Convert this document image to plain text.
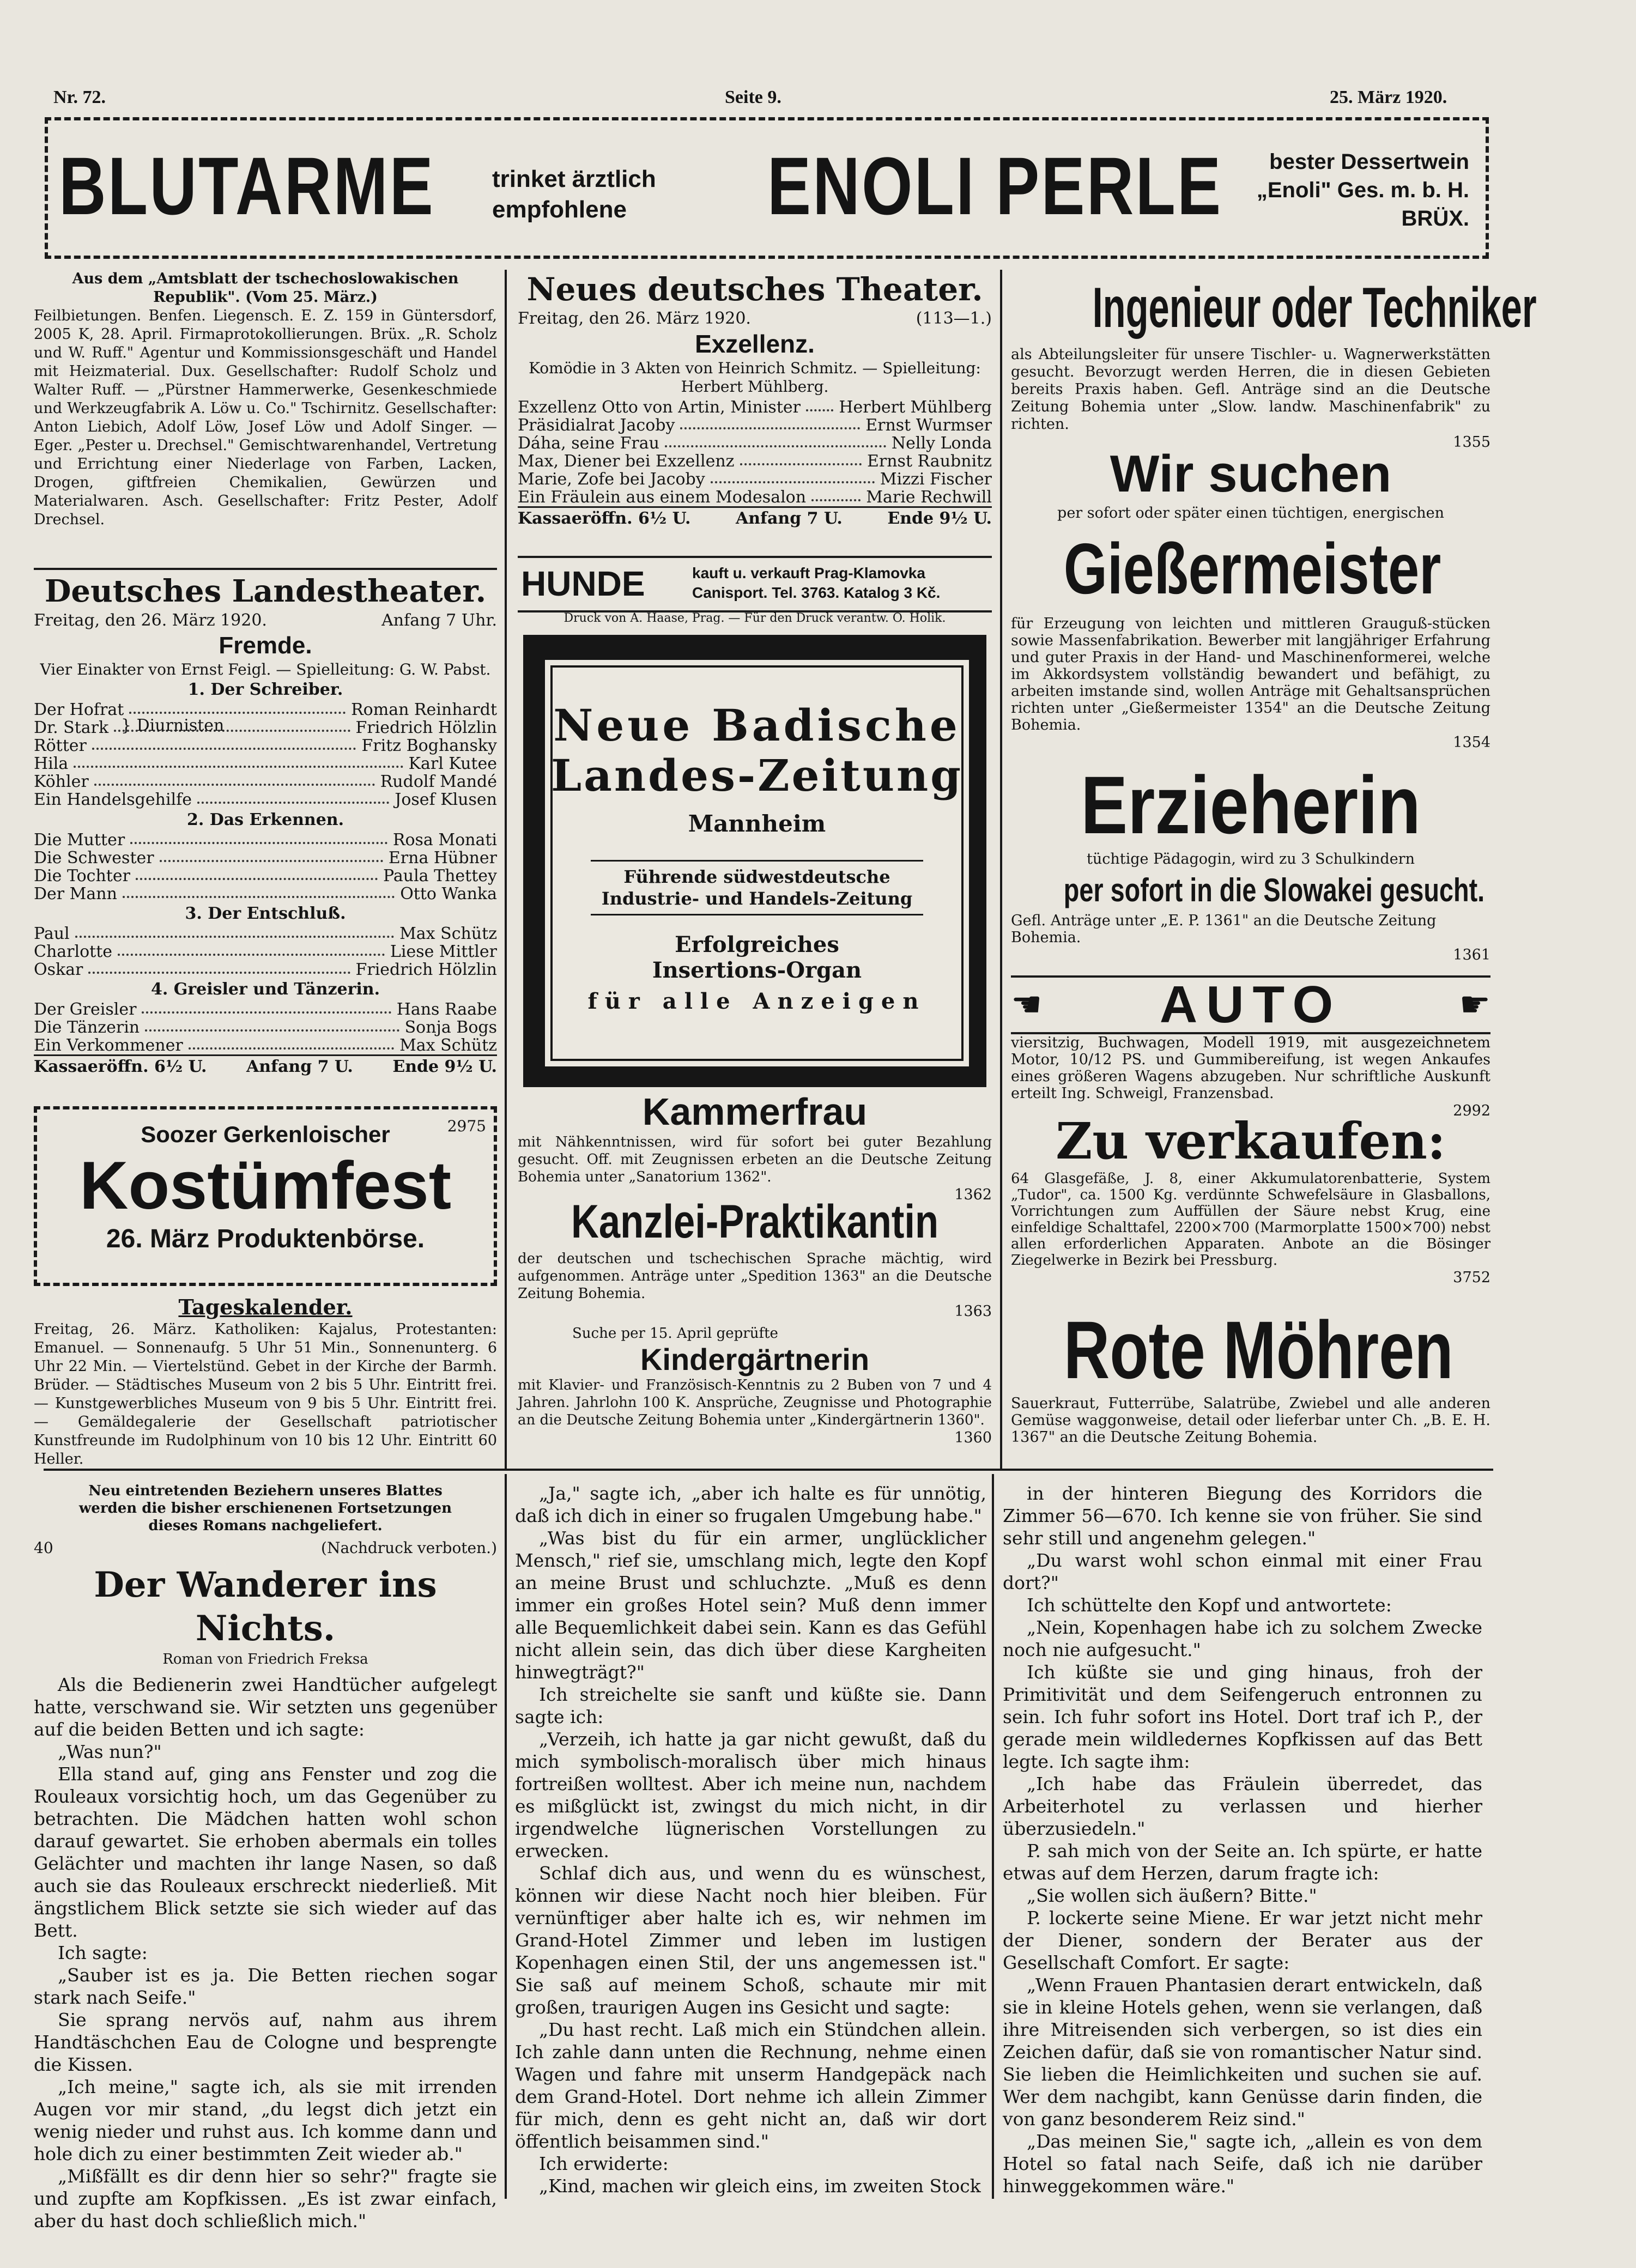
Nr. 72.	Seite 9.	25. März 1920.
BLUTARME trinket ärztlich
empfohlene	ENOLI PERLE	bester Dessertwein
„Enoli" Ges. m. b. H.
BRÜX.
Aus dem „Amtsblatt der tschechoslowakischen Republik". (Vom 25. März.)
Feilbietungen. Benfen. Liegensch. E. Z. 159 in Güntersdorf, 2005 K, 28. April. Firmaprotokollierungen. Brüx. „R. Scholz und W. Ruff." Agentur und Kommissionsgeschäft und Handel mit Heizmaterial. Dux. Gesellschafter: Rudolf Scholz und Walter Ruff. — „Pürstner Hammerwerke, Gesenkeschmiede und Werkzeugfabrik A. Löw u. Co." Tschirnitz. Gesellschafter: Anton Liebich, Adolf Löw, Josef Löw und Adolf Singer. — Eger. „Pester u. Drechsel." Gemischtwarenhandel, Vertretung und Errichtung einer Niederlage von Farben, Lacken, Drogen, giftfreien Chemikalien, Gewürzen und Materialwaren. Asch. Gesellschafter: Fritz Pester, Adolf Drechsel.
Deutsches Landestheater.
Freitag, den 26. März 1920.	Anfang 7 Uhr.
Fremde.
Vier Einakter von Ernst Feigl. — Spielleitung: G. W. Pabst.
1. Der Schreiber.
Der Hofrat	Roman Reinhardt
Dr. Stark	Friedrich Hölzlin
Rötter	Fritz Boghansky
Hila	Karl Kutee
Köhler	Rudolf Mandé
Ein Handelsgehilfe	Josef Klusen
} Diurnisten
2. Das Erkennen.
Die Mutter	Rosa Monati
Die Schwester	Erna Hübner
Die Tochter	Paula Thettey
Der Mann	Otto Wanka
3. Der Entschluß.
Paul	Max Schütz
Charlotte	Liese Mittler
Oskar	Friedrich Hölzlin
4. Greisler und Tänzerin.
Der Greisler	Hans Raabe
Die Tänzerin	Sonja Bogs
Ein Verkommener	Max Schütz
Kassaeröffn. 6½ U. Anfang 7 U. Ende 9½ U.
Soozer Gerkenloischer	2975
Kostümfest
26. März Produktenbörse.
Tageskalender.
Freitag, 26. März. Katholiken: Kajalus, Protestanten: Emanuel. — Sonnenaufg. 5 Uhr 51 Min., Sonnenunterg. 6 Uhr 22 Min. — Viertelstünd. Gebet in der Kirche der Barmh. Brüder. — Städtisches Museum von 2 bis 5 Uhr. Eintritt frei. — Kunstgewerbliches Museum von 9 bis 5 Uhr. Eintritt frei. — Gemäldegalerie der Gesellschaft patriotischer Kunstfreunde im Rudolphinum von 10 bis 12 Uhr. Eintritt 60 Heller.
Neues deutsches Theater.
Freitag, den 26. März 1920.	(113—1.)
Exzellenz.
Komödie in 3 Akten von Heinrich Schmitz. — Spielleitung: Herbert Mühlberg.
Exzellenz Otto von Artin, Minister Herbert Mühlberg
Präsidialrat Jacoby	Ernst Wurmser
Dáha, seine Frau	Nelly Londa
Max, Diener bei Exzellenz	Ernst Raubnitz
Marie, Zofe bei Jacoby	Mizzi Fischer
Ein Fräulein aus einem Modesalon	Marie Rechwill
Kassaeröffn. 6½ U.	Anfang 7 U.	Ende 9½ U.
HUNDE	kauft u. verkauft Prag-Klamovka
Canisport. Tel. 3763. Katalog 3 Kč.
Druck von A. Haase, Prag. — Für den Druck verantw. O. Holik.
Neue Badische
Landes-Zeitung
Mannheim
Führende südwestdeutsche Industrie- und Handels-Zeitung
Erfolgreiches
Insertions-Organ
für alle Anzeigen
Kammerfrau
mit Nähkenntnissen, wird für sofort bei guter Bezahlung gesucht. Off. mit Zeugnissen erbeten an die Deutsche Zeitung Bohemia unter „Sanatorium 1362".
1362
Kanzlei-Praktikantin
der deutschen und tschechischen Sprache mächtig, wird aufgenommen. Anträge unter „Spedition 1363" an die Deutsche Zeitung Bohemia.
1363
Suche per 15. April geprüfte
Kindergärtnerin
mit Klavier- und Französisch-Kenntnis zu 2 Buben von 7 und 4 Jahren. Jahrlohn 100 K. Ansprüche, Zeugnisse und Photographie an die Deutsche Zeitung Bohemia unter „Kindergärtnerin 1360".
1360
Ingenieur oder Techniker
als Abteilungsleiter für unsere Tischler- u. Wagnerwerkstätten gesucht. Bevorzugt werden Herren, die in diesen Gebieten bereits Praxis haben. Gefl. Anträge sind an die Deutsche Zeitung Bohemia unter „Slow. landw. Maschinenfabrik" zu richten.
1355
Wir suchen
per sofort oder später einen tüchtigen, energischen
Gießermeister
für Erzeugung von leichten und mittleren Grauguß-stücken sowie Massenfabrikation. Bewerber mit langjähriger Erfahrung und guter Praxis in der Hand- und Maschinenformerei, welche im Akkordsystem vollständig bewandert und befähigt, zu arbeiten imstande sind, wollen Anträge mit Gehaltsansprüchen richten unter „Gießermeister 1354" an die Deutsche Zeitung Bohemia.
1354
Erzieherin
tüchtige Pädagogin, wird zu 3 Schulkindern
per sofort in die Slowakei gesucht.
Gefl. Anträge unter „E. P. 1361" an die Deutsche Zeitung Bohemia.
1361
☚ AUTO	☛
viersitzig, Buchwagen, Modell 1919, mit ausgezeichnetem Motor, 10/12 PS. und Gummibereifung, ist wegen Ankaufes eines größeren Wagens abzugeben. Nur schriftliche Auskunft erteilt Ing. Schweigl, Franzensbad.
2992
Zu verkaufen:
64 Glasgefäße, J. 8, einer Akkumulatorenbatterie, System „Tudor", ca. 1500 Kg. verdünnte Schwefelsäure in Glasballons, Vorrichtungen zum Auffüllen der Säure nebst Krug, eine einfeldige Schalttafel, 2200×700 (Marmorplatte 1500×700) nebst allen erforderlichen Apparaten. Anbote an die Bösinger Ziegelwerke in Bezirk bei Pressburg.
3752
Rote Möhren
Sauerkraut, Futterrübe, Salatrübe, Zwiebel und alle anderen Gemüse waggonweise, detail oder lieferbar unter Ch. „B. E. H. 1367" an die Deutsche Zeitung Bohemia.
Neu eintretenden Beziehern unseres Blattes werden die bisher erschienenen Fortsetzungen dieses Romans nachgeliefert.
40	(Nachdruck verboten.)
Der Wanderer ins Nichts.
Roman von Friedrich Freksa

Als die Bedienerin zwei Handtücher aufgelegt hatte, verschwand sie. Wir setzten uns gegenüber auf die beiden Betten und ich sagte:

„Was nun?"

Ella stand auf, ging ans Fenster und zog die Rouleaux vorsichtig hoch, um das Gegenüber zu betrachten. Die Mädchen hatten wohl schon darauf gewartet. Sie erhoben abermals ein tolles Gelächter und machten ihr lange Nasen, so daß auch sie das Rouleaux erschreckt niederließ. Mit ängstlichem Blick setzte sie sich wieder auf das Bett.

Ich sagte:

„Sauber ist es ja. Die Betten riechen sogar stark nach Seife."

Sie sprang nervös auf, nahm aus ihrem Handtäschchen Eau de Cologne und besprengte die Kissen.

„Ich meine," sagte ich, als sie mit irrenden Augen vor mir stand, „du legst dich jetzt ein wenig nieder und ruhst aus. Ich komme dann und hole dich zu einer bestimmten Zeit wieder ab."

„Mißfällt es dir denn hier so sehr?" fragte sie und zupfte am Kopfkissen. „Es ist zwar einfach, aber du hast doch schließlich mich."

„Ja," sagte ich, „aber ich halte es für unnötig, daß ich dich in einer so frugalen Umgebung habe."

„Was bist du für ein armer, unglücklicher Mensch," rief sie, umschlang mich, legte den Kopf an meine Brust und schluchzte. „Muß es denn immer ein großes Hotel sein? Muß denn immer alle Bequemlichkeit dabei sein. Kann es das Gefühl nicht allein sein, das dich über diese Kargheiten hinwegträgt?"

Ich streichelte sie sanft und küßte sie. Dann sagte ich:

„Verzeih, ich hatte ja gar nicht gewußt, daß du mich symbolisch-moralisch über mich hinaus fortreißen wolltest. Aber ich meine nun, nachdem es mißglückt ist, zwingst du mich nicht, in dir irgendwelche lügnerischen Vorstellungen zu erwecken.

Schlaf dich aus, und wenn du es wünschest, können wir diese Nacht noch hier bleiben. Für vernünftiger aber halte ich es, wir nehmen im Grand-Hotel Zimmer und leben im lustigen Kopenhagen einen Stil, der uns angemessen ist." Sie saß auf meinem Schoß, schaute mir mit großen, traurigen Augen ins Gesicht und sagte:

„Du hast recht. Laß mich ein Stündchen allein. Ich zahle dann unten die Rechnung, nehme einen Wagen und fahre mit unserm Handgepäck nach dem Grand-Hotel. Dort nehme ich allein Zimmer für mich, denn es geht nicht an, daß wir dort öffentlich beisammen sind."

Ich erwiderte:

„Kind, machen wir gleich eins, im zweiten Stock

in der hinteren Biegung des Korridors die Zimmer 56—670. Ich kenne sie von früher. Sie sind sehr still und angenehm gelegen."

„Du warst wohl schon einmal mit einer Frau dort?"

Ich schüttelte den Kopf und antwortete:

„Nein, Kopenhagen habe ich zu solchem Zwecke noch nie aufgesucht."

Ich küßte sie und ging hinaus, froh der Primitivität und dem Seifengeruch entronnen zu sein. Ich fuhr sofort ins Hotel. Dort traf ich P., der gerade mein wildledernes Kopfkissen auf das Bett legte. Ich sagte ihm:

„Ich habe das Fräulein überredet, das Arbeiterhotel zu verlassen und hierher überzusiedeln."

P. sah mich von der Seite an. Ich spürte, er hatte etwas auf dem Herzen, darum fragte ich:

„Sie wollen sich äußern? Bitte."

P. lockerte seine Miene. Er war jetzt nicht mehr der Diener, sondern der Berater aus der Gesellschaft Comfort. Er sagte:

„Wenn Frauen Phantasien derart entwickeln, daß sie in kleine Hotels gehen, wenn sie verlangen, daß ihre Mitreisenden sich verbergen, so ist dies ein Zeichen dafür, daß sie von romantischer Natur sind. Sie lieben die Heimlichkeiten und suchen sie auf. Wer dem nachgibt, kann Genüsse darin finden, die von ganz besonderem Reiz sind."

„Das meinen Sie," sagte ich, „allein es von dem Hotel so fatal nach Seife, daß ich nie darüber hinweggekommen wäre."
